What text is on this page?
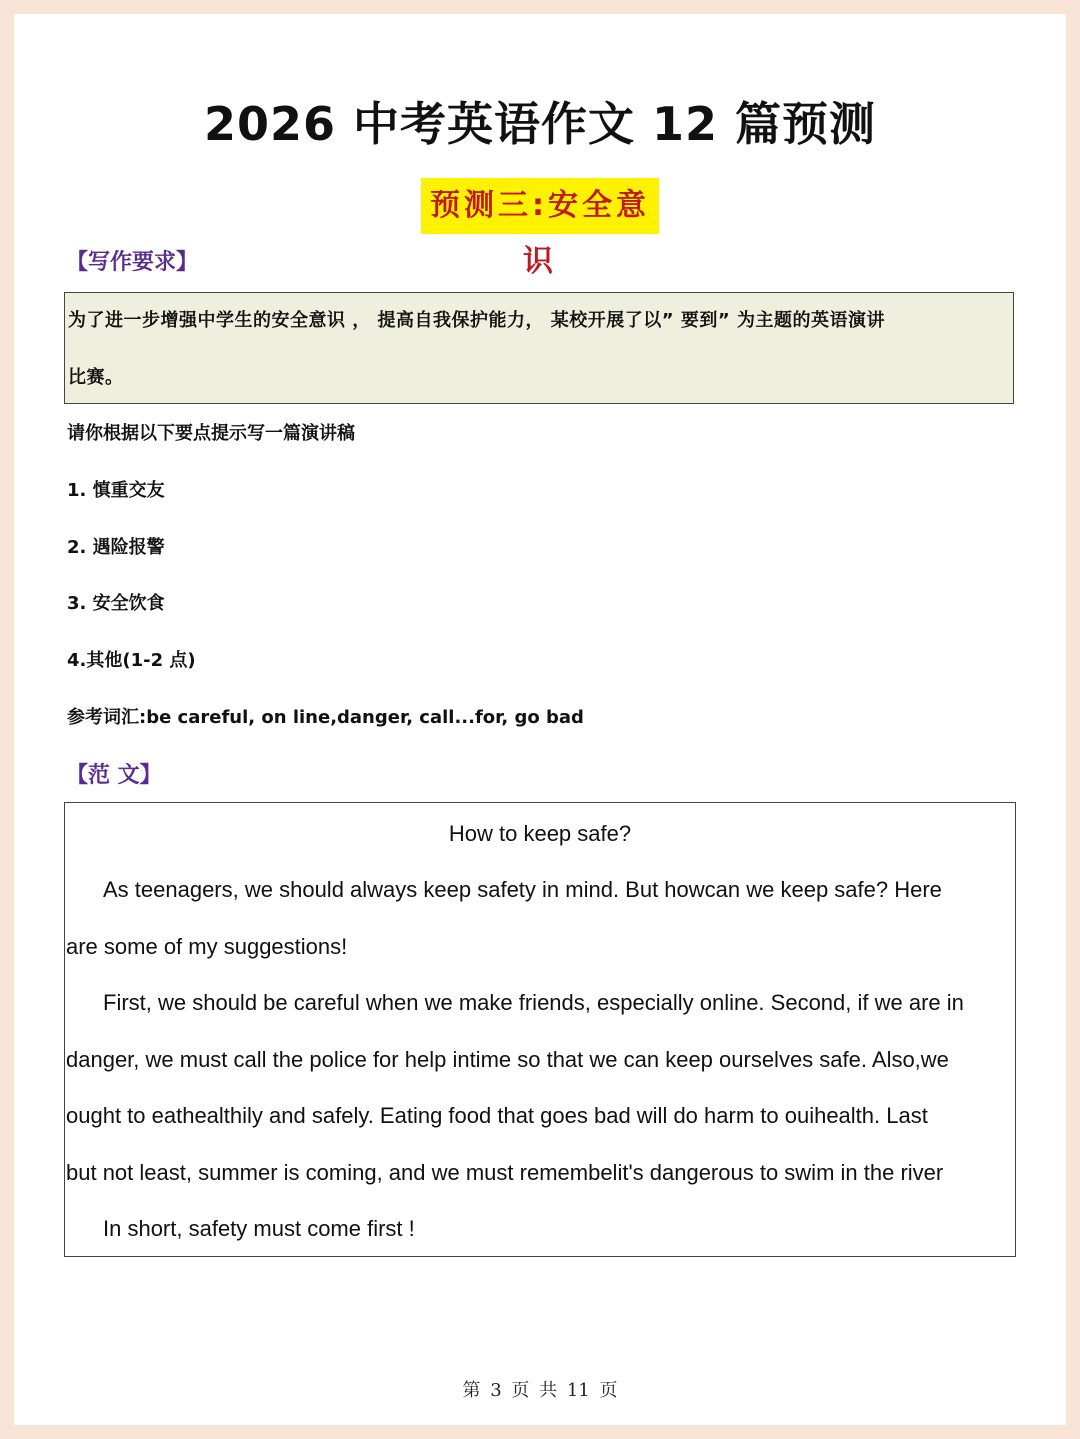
2026 中考英语作文 12 篇预测
预测三:安全意识
【写作要求】
为了进一步增强中学生的安全意识 ， 提高自我保护能力， 某校开展了以” 要到” 为主题的英语演讲
比赛。
请你根据以下要点提示写一篇演讲稿
1. 慎重交友
2. 遇险报警
3. 安全饮食
4.其他(1-2 点)
参考词汇:be careful, on line,danger, call...for, go bad
【范 文】
How to keep safe?
As teenagers, we should always keep safety in mind. But howcan we keep safe? Here
are some of my suggestions!
First, we should be careful when we make friends, especially online. Second, if we are in
danger, we must call the police for help intime so that we can keep ourselves safe. Also,we
ought to eathealthily and safely. Eating food that goes bad will do harm to ouihealth. Last
but not least, summer is coming, and we must remembelit's dangerous to swim in the river
In short, safety must come first !
第 3 页 共 11 页
